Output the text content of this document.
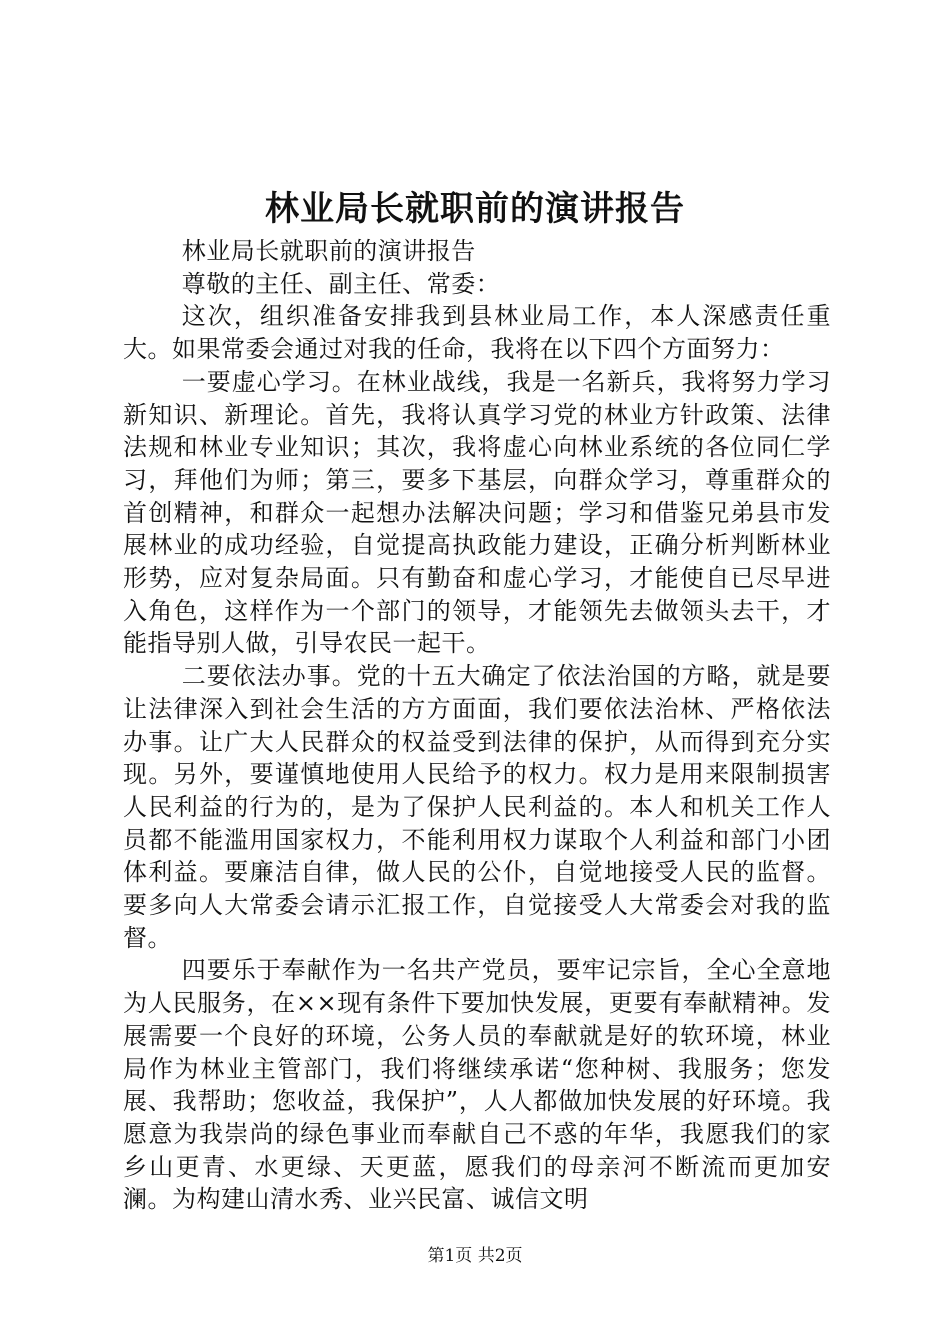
林业局长就职前的演讲报告

林业局长就职前的演讲报告

尊敬的主任、副主任、常委：

这次，组织准备安排我到县林业局工作，本人深感责任重大。如果常委会通过对我的任命，我将在以下四个方面努力：

一要虚心学习。在林业战线，我是一名新兵，我将努力学习新知识、新理论。首先，我将认真学习党的林业方针政策、法律法规和林业专业知识；其次，我将虚心向林业系统的各位同仁学习，拜他们为师；第三，要多下基层，向群众学习，尊重群众的首创精神，和群众一起想办法解决问题；学习和借鉴兄弟县市发展林业的成功经验，自觉提高执政能力建设，正确分析判断林业形势，应对复杂局面。只有勤奋和虚心学习，才能使自已尽早进入角色，这样作为一个部门的领导，才能领先去做领头去干，才能指导别人做，引导农民一起干。

二要依法办事。党的十五大确定了依法治国的方略，就是要让法律深入到社会生活的方方面面，我们要依法治林、严格依法办事。让广大人民群众的权益受到法律的保护，从而得到充分实现。另外，要谨慎地使用人民给予的权力。权力是用来限制损害人民利益的行为的，是为了保护人民利益的。本人和机关工作人员都不能滥用国家权力，不能利用权力谋取个人利益和部门小团体利益。要廉洁自律，做人民的公仆，自觉地接受人民的监督。要多向人大常委会请示汇报工作，自觉接受人大常委会对我的监督。

四要乐于奉献作为一名共产党员，要牢记宗旨，全心全意地为人民服务，在××现有条件下要加快发展，更要有奉献精神。发展需要一个良好的环境，公务人员的奉献就是好的软环境，林业局作为林业主管部门，我们将继续承诺“您种树、我服务；您发展、我帮助；您收益，我保护”，人人都做加快发展的好环境。我愿意为我崇尚的绿色事业而奉献自己不惑的年华，我愿我们的家乡山更青、水更绿、天更蓝，愿我们的母亲河不断流而更加安澜。为构建山清水秀、业兴民富、诚信文明

第1页 共2页
